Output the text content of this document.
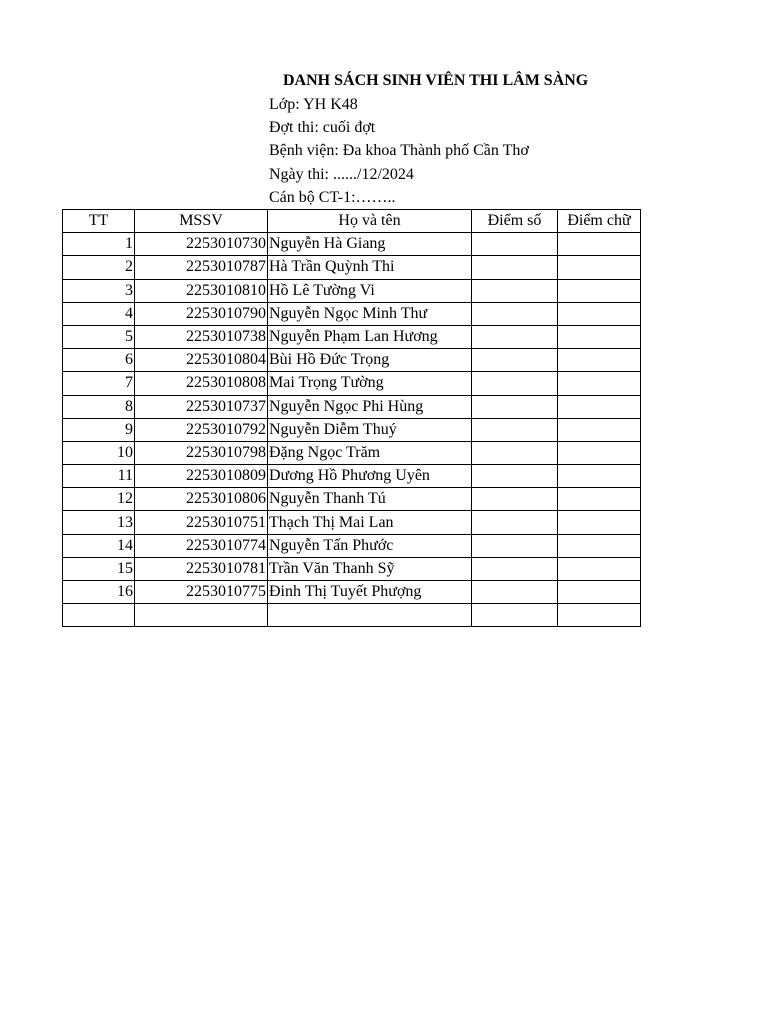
DANH SÁCH SINH VIÊN THI LÂM SÀNG
Lớp: YH K48
Đợt thi: cuối đợt
Bệnh viện: Đa khoa Thành phố Cần Thơ
Ngày thi: ....../12/2024
Cán bộ CT-1:……..
TT	MSSV	Họ và tên	Điểm số	Điểm chữ
1	2253010730	Nguyễn Hà Giang		
2	2253010787	Hà Trần Quỳnh Thi		
3	2253010810	Hồ Lê Tường Vi		
4	2253010790	Nguyễn Ngọc Minh Thư		
5	2253010738	Nguyễn Phạm Lan Hương		
6	2253010804	Bùi Hồ Đức Trọng		
7	2253010808	Mai Trọng Tường		
8	2253010737	Nguyễn Ngọc Phi Hùng		
9	2253010792	Nguyễn Diễm Thuý		
10	2253010798	Đặng Ngọc Trăm		
11	2253010809	Dương Hồ Phương Uyên		
12	2253010806	Nguyễn Thanh Tú		
13	2253010751	Thạch Thị Mai Lan		
14	2253010774	Nguyễn Tấn Phước		
15	2253010781	Trần Văn Thanh Sỹ		
16	2253010775	Đinh Thị Tuyết Phượng		
